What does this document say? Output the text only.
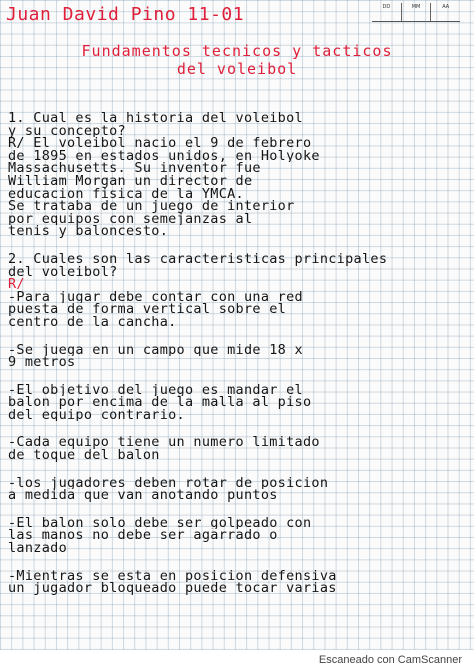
DD	MM	AA
Juan David Pino 11-01
Fundamentos tecnicos y tacticos
del voleibol
1. Cual es la historia del voleibol
y su concepto?
R/ El voleibol nacio el 9 de febrero
de 1895 en estados unidos, en Holyoke
Massachusetts. Su inventor fue
William Morgan un director de
educacion fisica de la YMCA.
Se trataba de un juego de interior
por equipos con semejanzas al
tenis y baloncesto.
2. Cuales son las caracteristicas principales
del voleibol?
R/
-Para jugar debe contar con una red
puesta de forma vertical sobre el
centro de la cancha.
-Se juega en un campo que mide 18 x
9 metros
-El objetivo del juego es mandar el
balon por encima de la malla al piso
del equipo contrario.
-Cada equipo tiene un numero limitado
de toque del balon
-los jugadores deben rotar de posicion
a medida que van anotando puntos
-El balon solo debe ser golpeado con
las manos no debe ser agarrado o
lanzado
-Mientras se esta en posicion defensiva
un jugador bloqueado puede tocar varias
Escaneado con CamScanner
